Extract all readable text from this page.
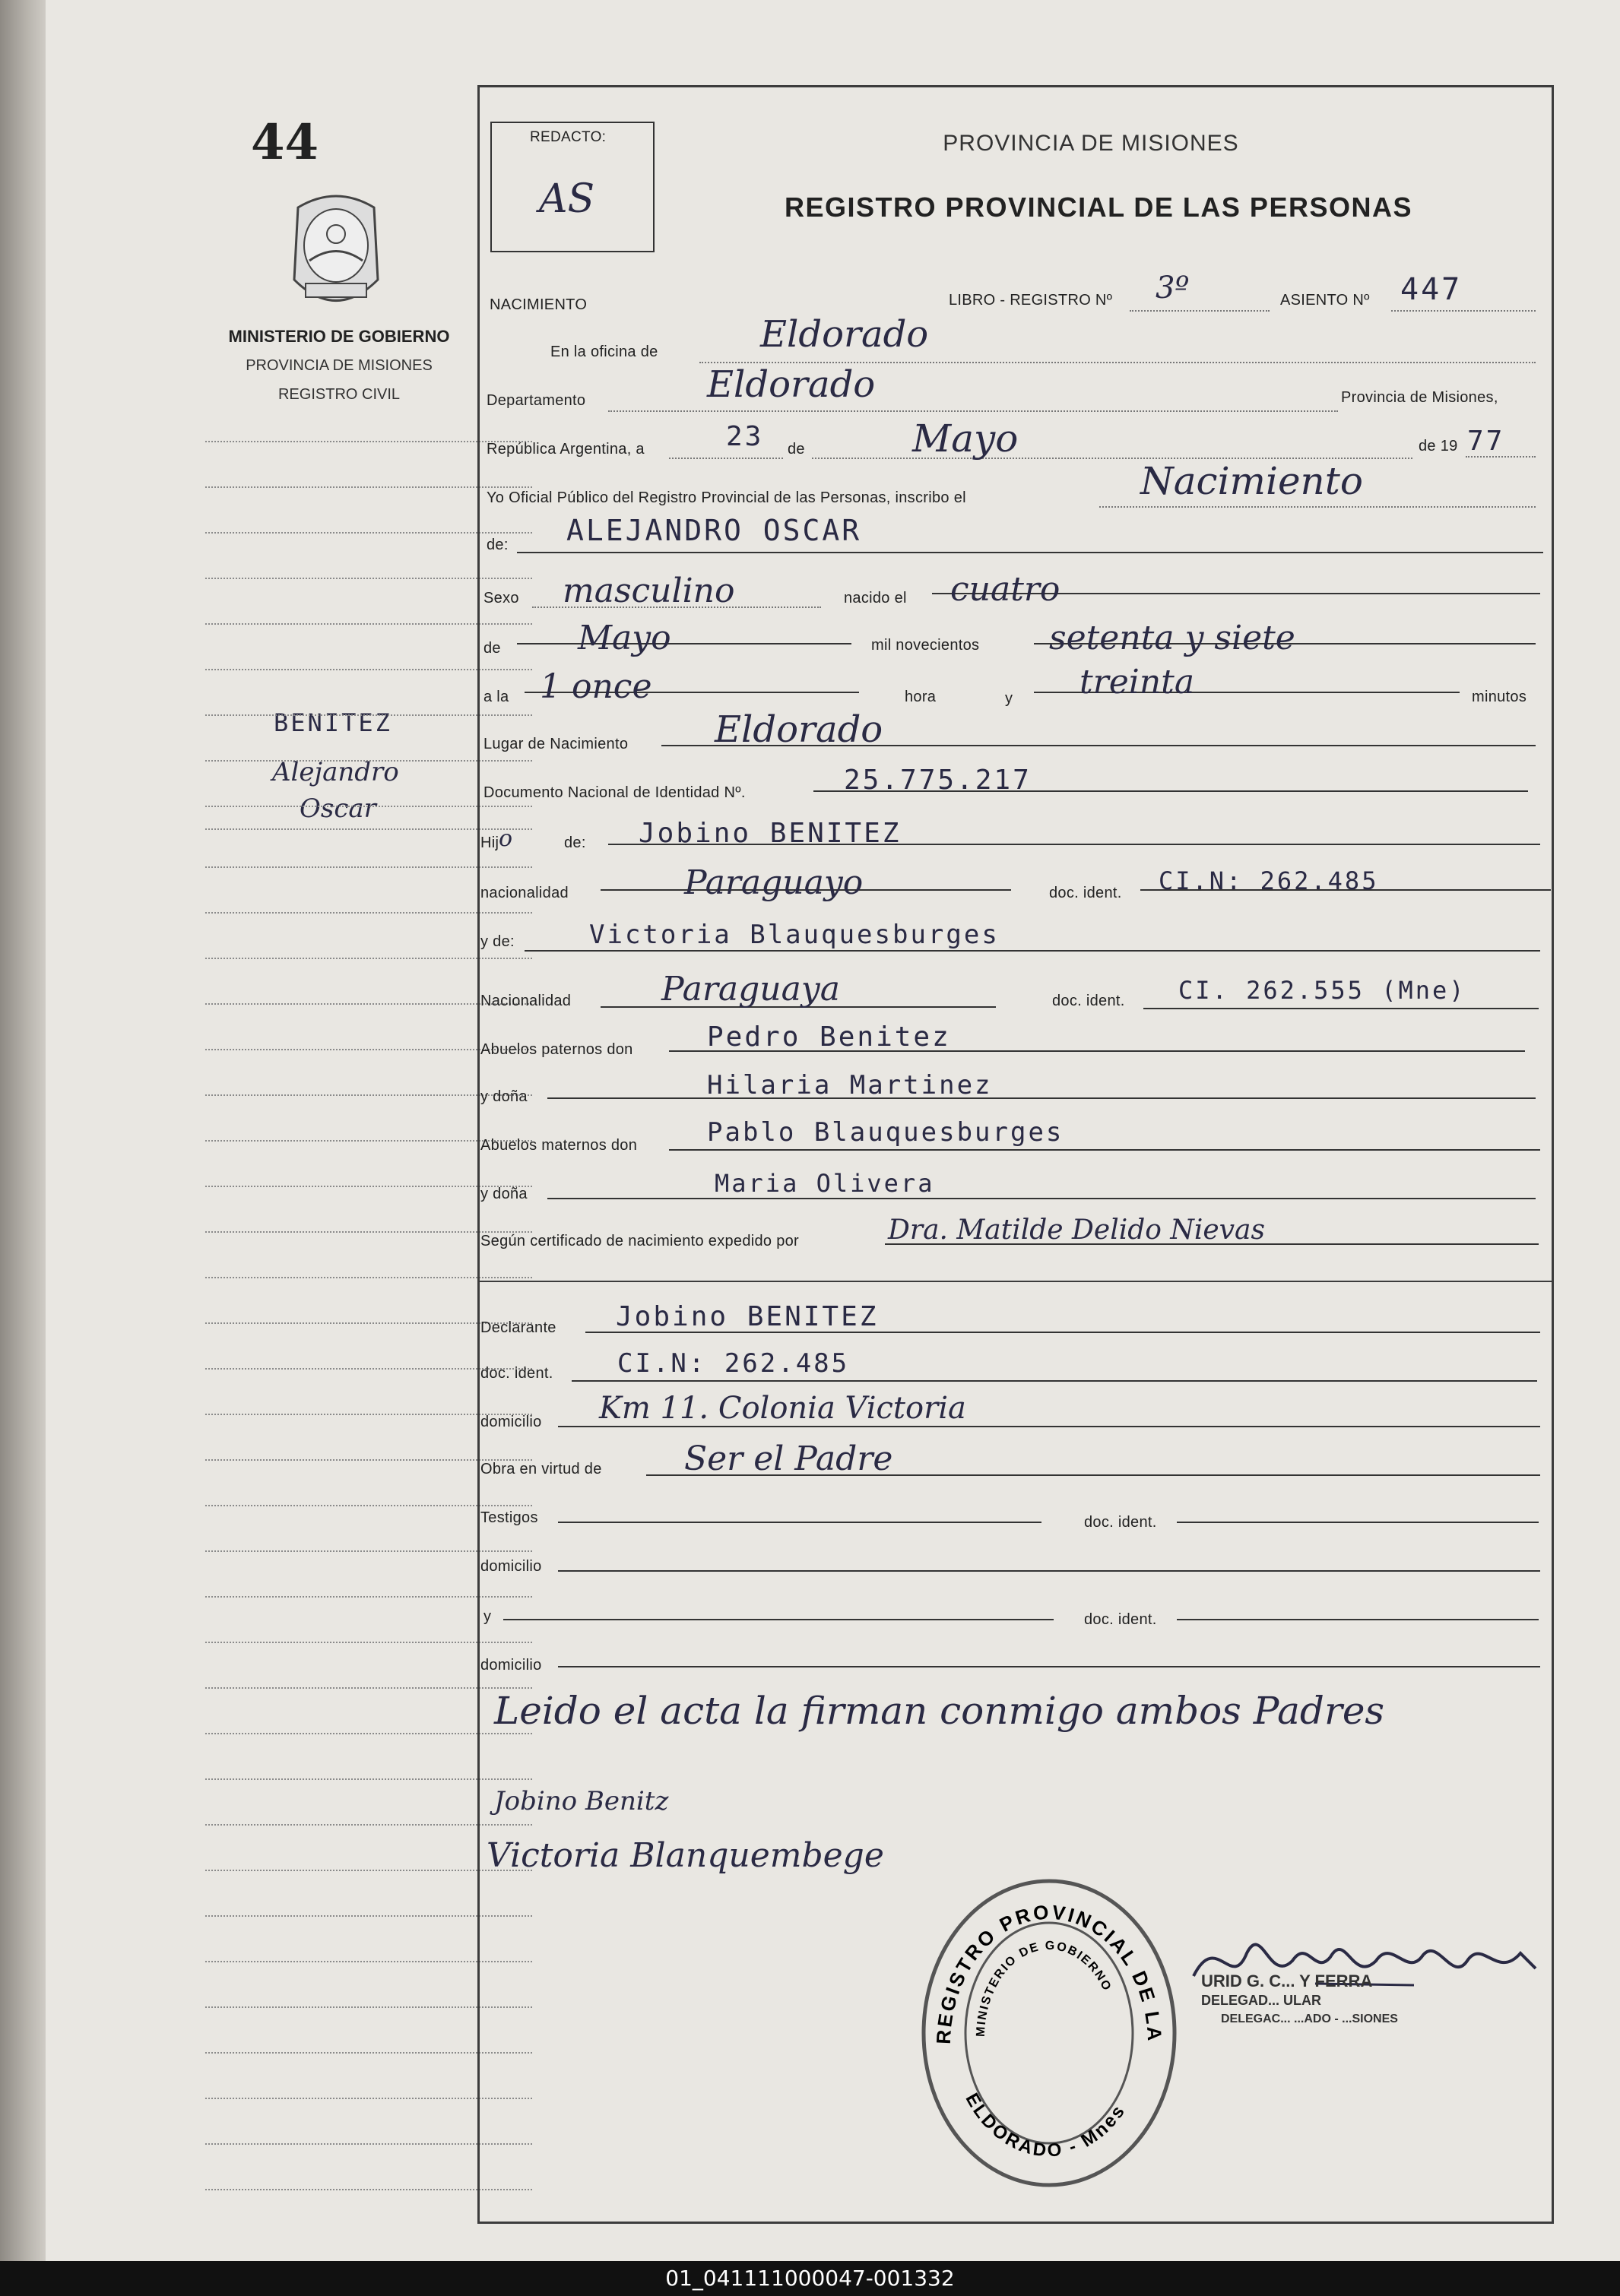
44
MINISTERIO DE GOBIERNO
PROVINCIA DE MISIONES
REGISTRO CIVIL
BENITEZ
Alejandro
Oscar
REDACTO:
AS
PROVINCIA DE MISIONES
REGISTRO PROVINCIAL DE LAS PERSONAS
NACIMIENTO	LIBRO - REGISTRO Nº 3º	ASIENTO Nº 447
En la oficina de	Eldorado
Departamento	Eldorado	Provincia de Misiones,
República Argentina, a	23 de	Mayo	de 19 77
Yo Oficial Público del Registro Provincial de las Personas, inscribo el	Nacimiento
de: ALEJANDRO OSCAR
Sexo masculino	nacido el cuatro
de Mayo	mil novecientos setenta y siete
a la 1 once	hora	y treinta	minutos
Lugar de Nacimiento Eldorado
Documento Nacional de Identidad Nº.	25.775.217
Hij o	de: Jobino BENITEZ
nacionalidad	Paraguayo	doc. ident. CI.N: 262.485
y de:	Victoria Blauquesburges
Nacionalidad	Paraguaya	doc. ident. CI. 262.555 (Mne)
Abuelos paternos don	Pedro Benitez
y doña	Hilaria Martinez
Abuelos maternos don	Pablo Blauquesburges
y doña	Maria Olivera
Según certificado de nacimiento expedido por	Dra. Matilde Delido Nievas
Declarante Jobino BENITEZ
doc. ident. CI.N: 262.485
domicilio Km 11. Colonia Victoria
Obra en virtud de Ser el Padre
Testigos	doc. ident.
domicilio
y	doc. ident.
domicilio
Leido el acta la firman conmigo ambos Padres
Jobino Benitz
Victoria Blanquembege
REGISTRO PROVINCIAL DE LA
MINISTERIO DE GOBIERNO
ELDORADO - Mnes
URID G. C... Y FERRA
DELEGAD... ULAR
DELEGAC... ...ADO - ...SIONES
01_041111000047-001332
